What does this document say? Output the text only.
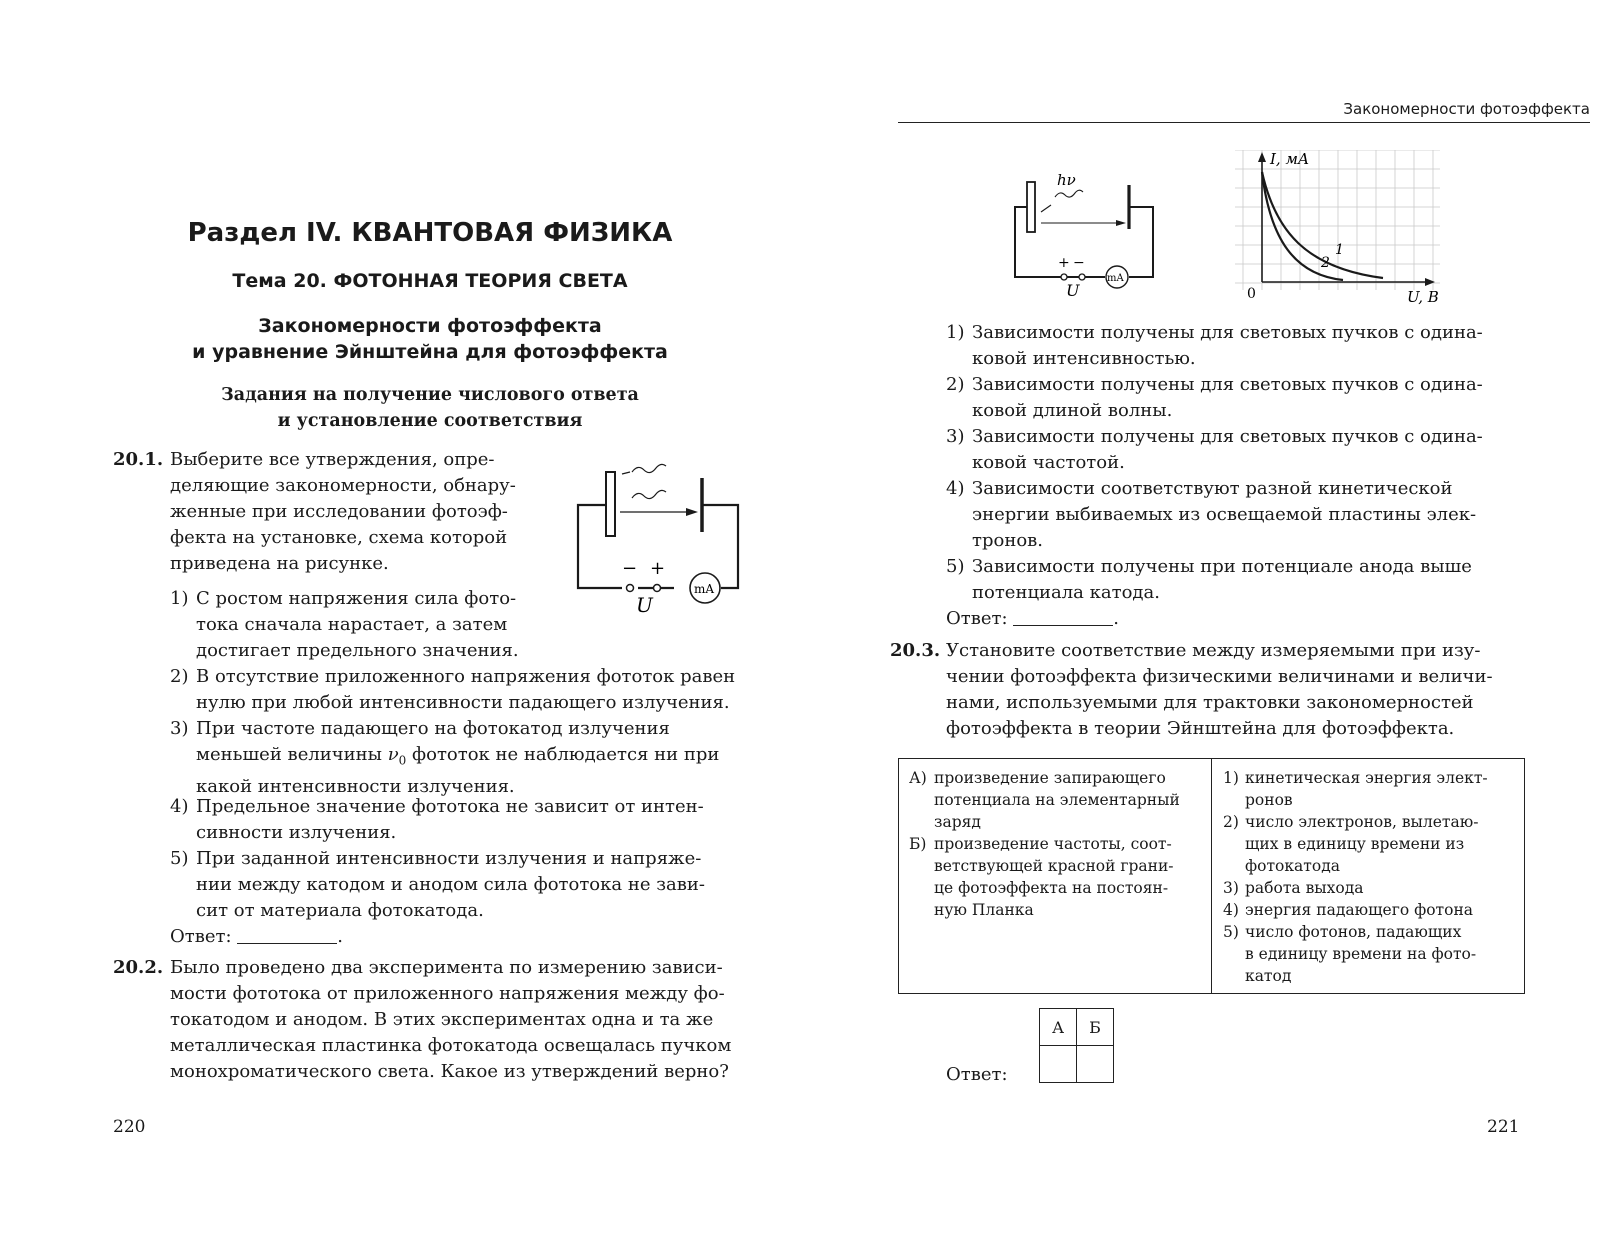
Раздел IV. КВАНТОВАЯ ФИЗИКА
Тема 20. ФОТОННАЯ ТЕОРИЯ СВЕТА
Закономерности фотоэффекта
и уравнение Эйнштейна для фотоэффекта
Задания на получение числового ответа
и установление соответствия
20.1. Выберите все утверждения, опре-
деляющие закономерности, обнару-
женные при исследовании фотоэф-
фекта на установке, схема которой
приведена на рисунке.	− +
U
mA
1) С ростом напряжения сила фото-
тока сначала нарастает, а затем
достигает предельного значения.
2) В отсутствие приложенного напряжения фототок равен
нулю при любой интенсивности падающего излучения.
3) При частоте падающего на фотокатод излучения
меньшей величины $\nu_0$ фототок не наблюдается ни при
какой интенсивности излучения.
4) Предельное значение фототока не зависит от интен-
сивности излучения.
5) При заданной интенсивности излучения и напряже-
нии между катодом и анодом сила фототока не зави-
сит от материала фотокатода.
Ответ:	.
20.2. Было проведено два эксперимента по измерению зависи-
мости фототока от приложенного напряжения между фо-
токатодом и анодом. В этих экспериментах одна и та же
металлическая пластинка фотокатода освещалась пучком
монохроматического света. Какое из утверждений верно?
220
Закономерности фотоэффекта
hν
+ −
U
mA
I, мА
U, В
0
1
2
1) Зависимости получены для световых пучков с одина-
ковой интенсивностью.
2) Зависимости получены для световых пучков с одина-
ковой длиной волны.
3) Зависимости получены для световых пучков с одина-
ковой частотой.
4) Зависимости соответствуют разной кинетической
энергии выбиваемых из освещаемой пластины элек-
тронов.
5) Зависимости получены при потенциале анода выше
потенциала катода.
Ответ:	.
20.3. Установите соответствие между измеряемыми при изу-
чении фотоэффекта физическими величинами и величи-
нами, используемыми для трактовки закономерностей
фотоэффекта в теории Эйнштейна для фотоэффекта.
А) произведение запирающего
потенциала на элементарный
заряд
Б) произведение частоты, соот-
ветствующей красной грани-
це фотоэффекта на постоян-
ную Планка
1) кинетическая энергия элект-
ронов
2) число электронов, вылетаю-
щих в единицу времени из
фотокатода
3) работа выхода
4) энергия падающего фотона
5) число фотонов, падающих
в единицу времени на фото-
катод
Ответ:
А	Б

221
